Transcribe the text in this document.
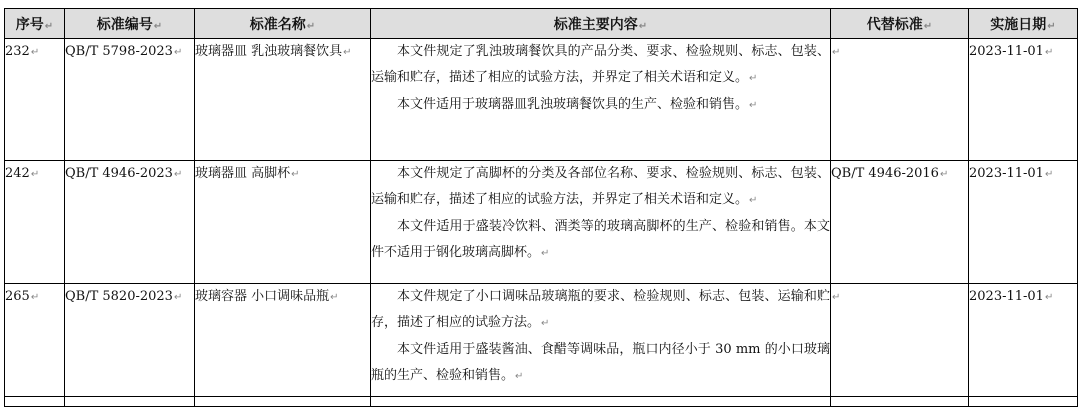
序号↵	标准编号↵	标准名称↵	标准主要内容↵	代替标准↵	实施日期↵
232↵	QB/T 5798-2023↵	玻璃器皿 乳浊玻璃餐饮具↵	本文件规定了乳浊玻璃餐饮具的产品分类、要求、检验规则、标志、包装、运输和贮存，描述了相应的试验方法，并界定了相关术语和定义。↵

本文件适用于玻璃器皿乳浊玻璃餐饮具的生产、检验和销售。↵	↵	2023-11-01↵
242↵	QB/T 4946-2023↵	玻璃器皿 高脚杯↵	本文件规定了高脚杯的分类及各部位名称、要求、检验规则、标志、包装、运输和贮存，描述了相应的试验方法，并界定了相关术语和定义。↵

本文件适用于盛装冷饮料、酒类等的玻璃高脚杯的生产、检验和销售。本文件不适用于钢化玻璃高脚杯。↵	QB/T 4946-2016↵	2023-11-01↵
265↵	QB/T 5820-2023↵	玻璃容器 小口调味品瓶↵	本文件规定了小口调味品玻璃瓶的要求、检验规则、标志、包装、运输和贮存，描述了相应的试验方法。↵

本文件适用于盛装酱油、食醋等调味品，瓶口内径小于 30 mm 的小口玻璃瓶的生产、检验和销售。↵	↵	2023-11-01↵
